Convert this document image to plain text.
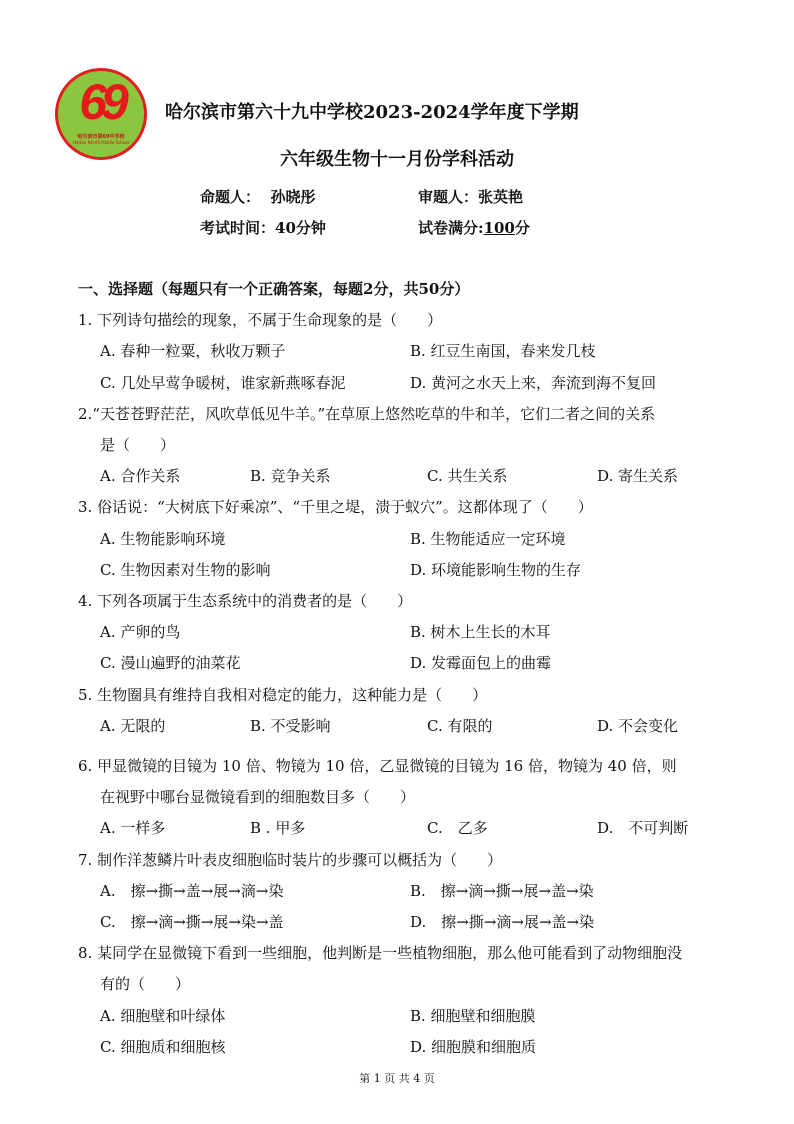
69
哈尔滨市第69中学校
Harbin NO.69 Middle School
哈尔滨市第六十九中学校2023-2024学年度下学期
六年级生物十一月份学科活动
命题人： 孙晓彤	审题人：张英艳
考试时间：40分钟	试卷满分:100分
一、选择题（每题只有一个正确答案，每题2分，共50分）
1. 下列诗句描绘的现象，不属于生命现象的是（　　）
A. 春种一粒粟，秋收万颗子	B. 红豆生南国，春来发几枝
C. 几处早莺争暖树，谁家新燕啄春泥	D. 黄河之水天上来，奔流到海不复回
2.“天苍苍野茫茫，风吹草低见牛羊。”在草原上悠然吃草的牛和羊，它们二者之间的关系
是（　　）
A. 合作关系	B. 竞争关系	C. 共生关系	D. 寄生关系
3. 俗话说：“大树底下好乘凉”、“千里之堤，溃于蚁穴”。这都体现了（　　）
A. 生物能影响环境	B. 生物能适应一定环境
C. 生物因素对生物的影响	D. 环境能影响生物的生存
4. 下列各项属于生态系统中的消费者的是（　　）
A. 产卵的鸟	B. 树木上生长的木耳
C. 漫山遍野的油菜花	D. 发霉面包上的曲霉
5. 生物圈具有维持自我相对稳定的能力，这种能力是（　　）
A. 无限的	B. 不受影响	C. 有限的	D. 不会变化
6. 甲显微镜的目镜为 10 倍、物镜为 10 倍，乙显微镜的目镜为 16 倍，物镜为 40 倍，则
在视野中哪台显微镜看到的细胞数目多（　　）
A. 一样多	B . 甲多	C.　乙多	D.　不可判断
7. 制作洋葱鳞片叶表皮细胞临时装片的步骤可以概括为（　　）
A.　擦→撕→盖→展→滴→染	B.　擦→滴→撕→展→盖→染
C.　擦→滴→撕→展→染→盖	D.　擦→撕→滴→展→盖→染
8. 某同学在显微镜下看到一些细胞，他判断是一些植物细胞，那么他可能看到了动物细胞没
有的（　　）
A. 细胞壁和叶绿体	B. 细胞壁和细胞膜
C. 细胞质和细胞核	D. 细胞膜和细胞质
第 1 页 共 4 页
